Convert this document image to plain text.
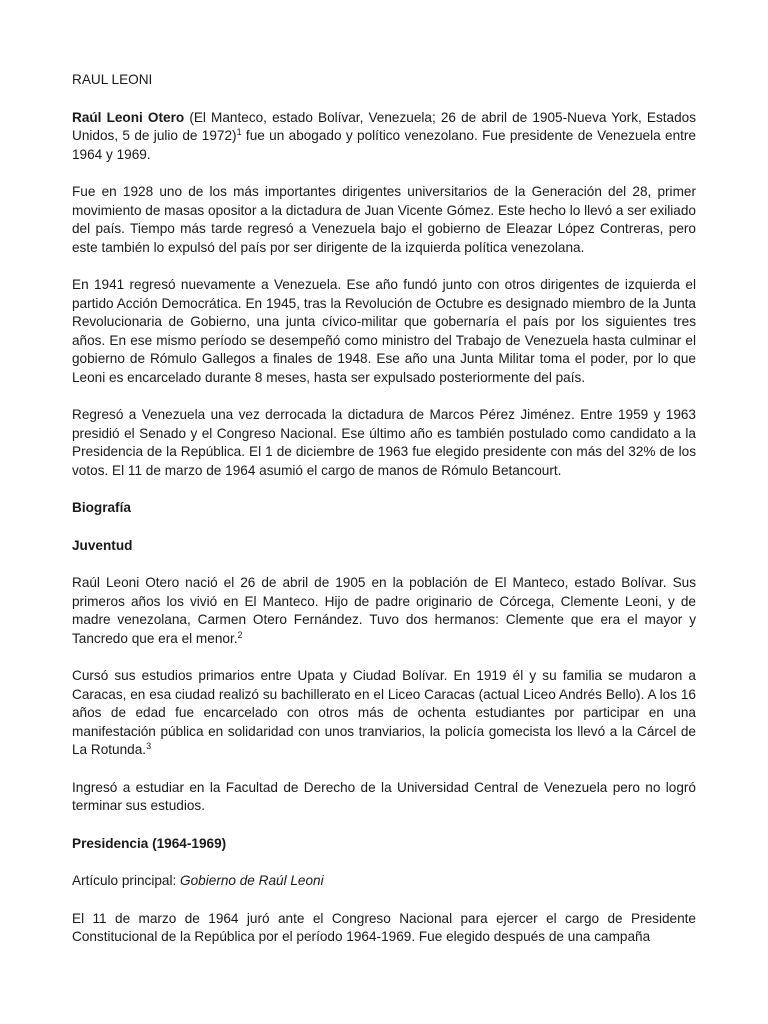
RAUL LEONI

Raúl Leoni Otero (El Manteco, estado Bolívar, Venezuela; 26 de abril de 1905-Nueva York, Estados Unidos, 5 de julio de 1972)$^1$ fue un abogado y político venezolano. Fue presidente de Venezuela entre 1964 y 1969.

Fue en 1928 uno de los más importantes dirigentes universitarios de la Generación del 28, primer movimiento de masas opositor a la dictadura de Juan Vicente Gómez. Este hecho lo llevó a ser exiliado del país. Tiempo más tarde regresó a Venezuela bajo el gobierno de Eleazar López Contreras, pero este también lo expulsó del país por ser dirigente de la izquierda política venezolana.

En 1941 regresó nuevamente a Venezuela. Ese año fundó junto con otros dirigentes de izquierda el partido Acción Democrática. En 1945, tras la Revolución de Octubre es designado miembro de la Junta Revolucionaria de Gobierno, una junta cívico-militar que gobernaría el país por los siguientes tres años. En ese mismo período se desempeñó como ministro del Trabajo de Venezuela hasta culminar el gobierno de Rómulo Gallegos a finales de 1948. Ese año una Junta Militar toma el poder, por lo que Leoni es encarcelado durante 8 meses, hasta ser expulsado posteriormente del país.

Regresó a Venezuela una vez derrocada la dictadura de Marcos Pérez Jiménez. Entre 1959 y 1963 presidió el Senado y el Congreso Nacional. Ese último año es también postulado como candidato a la Presidencia de la República. El 1 de diciembre de 1963 fue elegido presidente con más del 32% de los votos. El 11 de marzo de 1964 asumió el cargo de manos de Rómulo Betancourt.

Biografía
Juventud

Raúl Leoni Otero nació el 26 de abril de 1905 en la población de El Manteco, estado Bolívar. Sus primeros años los vivió en El Manteco. Hijo de padre originario de Córcega, Clemente Leoni, y de madre venezolana, Carmen Otero Fernández. Tuvo dos hermanos: Clemente que era el mayor y Tancredo que era el menor.$^2$

Cursó sus estudios primarios entre Upata y Ciudad Bolívar. En 1919 él y su familia se mudaron a Caracas, en esa ciudad realizó su bachillerato en el Liceo Caracas (actual Liceo Andrés Bello). A los 16 años de edad fue encarcelado con otros más de ochenta estudiantes por participar en una manifestación pública en solidaridad con unos tranviarios, la policía gomecista los llevó a la Cárcel de La Rotunda.$^3$

Ingresó a estudiar en la Facultad de Derecho de la Universidad Central de Venezuela pero no logró terminar sus estudios.

Presidencia (1964-1969)

Artículo principal: Gobierno de Raúl Leoni

El 11 de marzo de 1964 juró ante el Congreso Nacional para ejercer el cargo de Presidente Constitucional de la República por el período 1964-1969. Fue elegido después de una campaña
